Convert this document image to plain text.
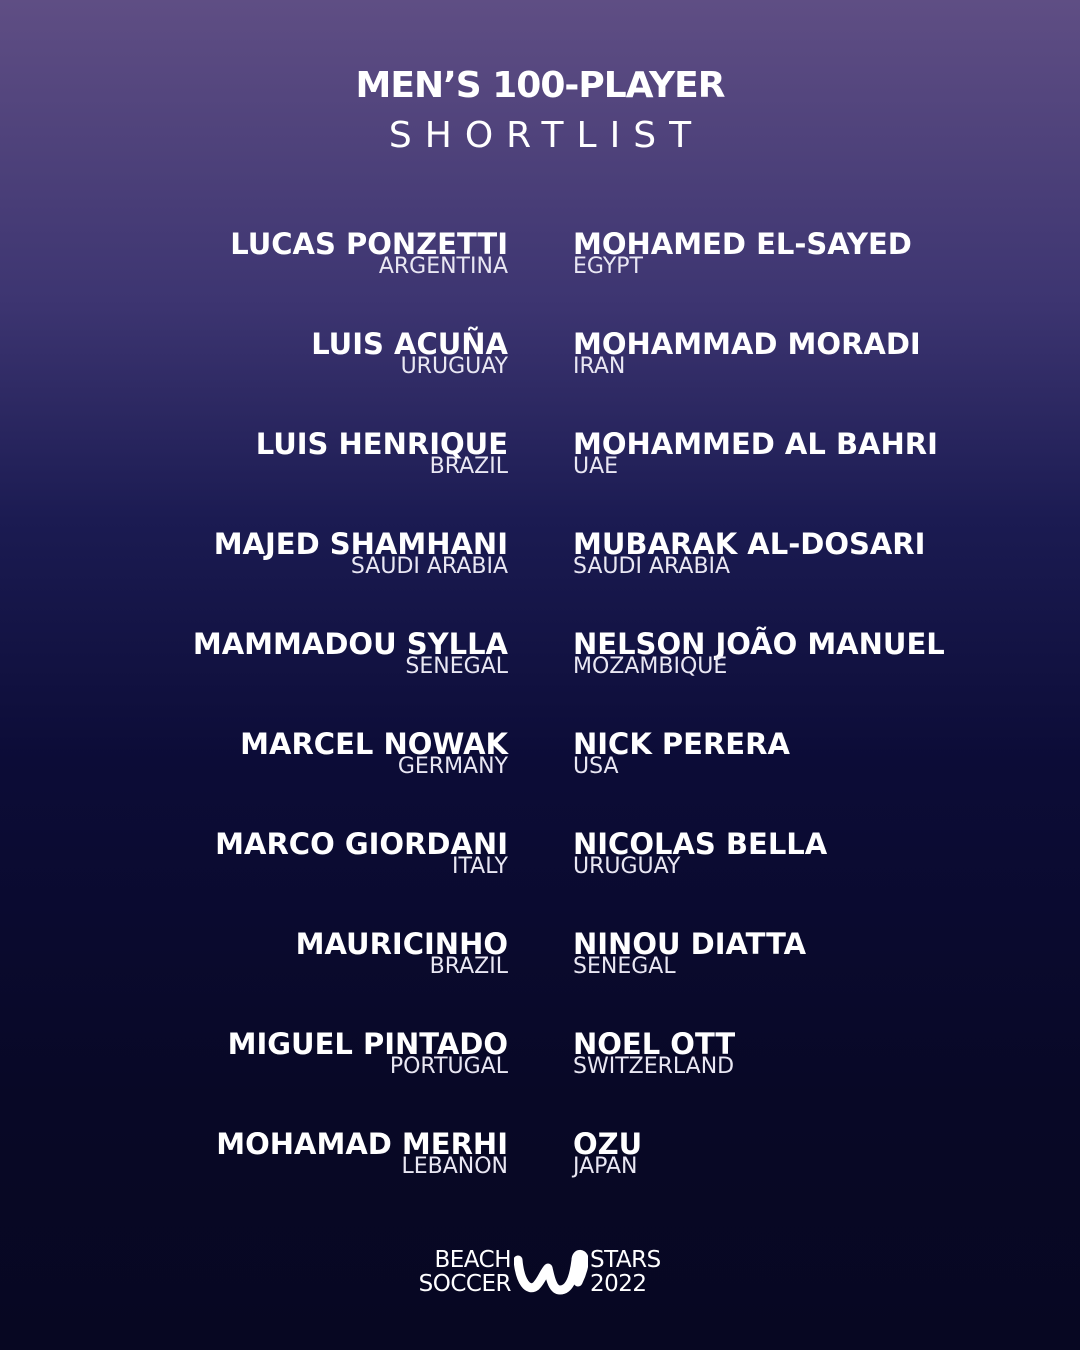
MEN’S 100-PLAYER
SHORTLIST
LUCAS PONZETTI
ARGENTINA
MOHAMED EL-SAYED
EGYPT
LUIS ACUÑA
URUGUAY
MOHAMMAD MORADI
IRAN
LUIS HENRIQUE
BRAZIL
MOHAMMED AL BAHRI
UAE
MAJED SHAMHANI
SAUDI ARABIA
MUBARAK AL-DOSARI
SAUDI ARABIA
MAMMADOU SYLLA
SENEGAL
NELSON JOÃO MANUEL
MOZAMBIQUE
MARCEL NOWAK
GERMANY
NICK PERERA
USA
MARCO GIORDANI
ITALY
NICOLAS BELLA
URUGUAY
MAURICINHO
BRAZIL
NINOU DIATTA
SENEGAL
MIGUEL PINTADO
PORTUGAL
NOEL OTT
SWITZERLAND
MOHAMAD MERHI
LEBANON
OZU
JAPAN
BEACH
SOCCER
STARS
2022
